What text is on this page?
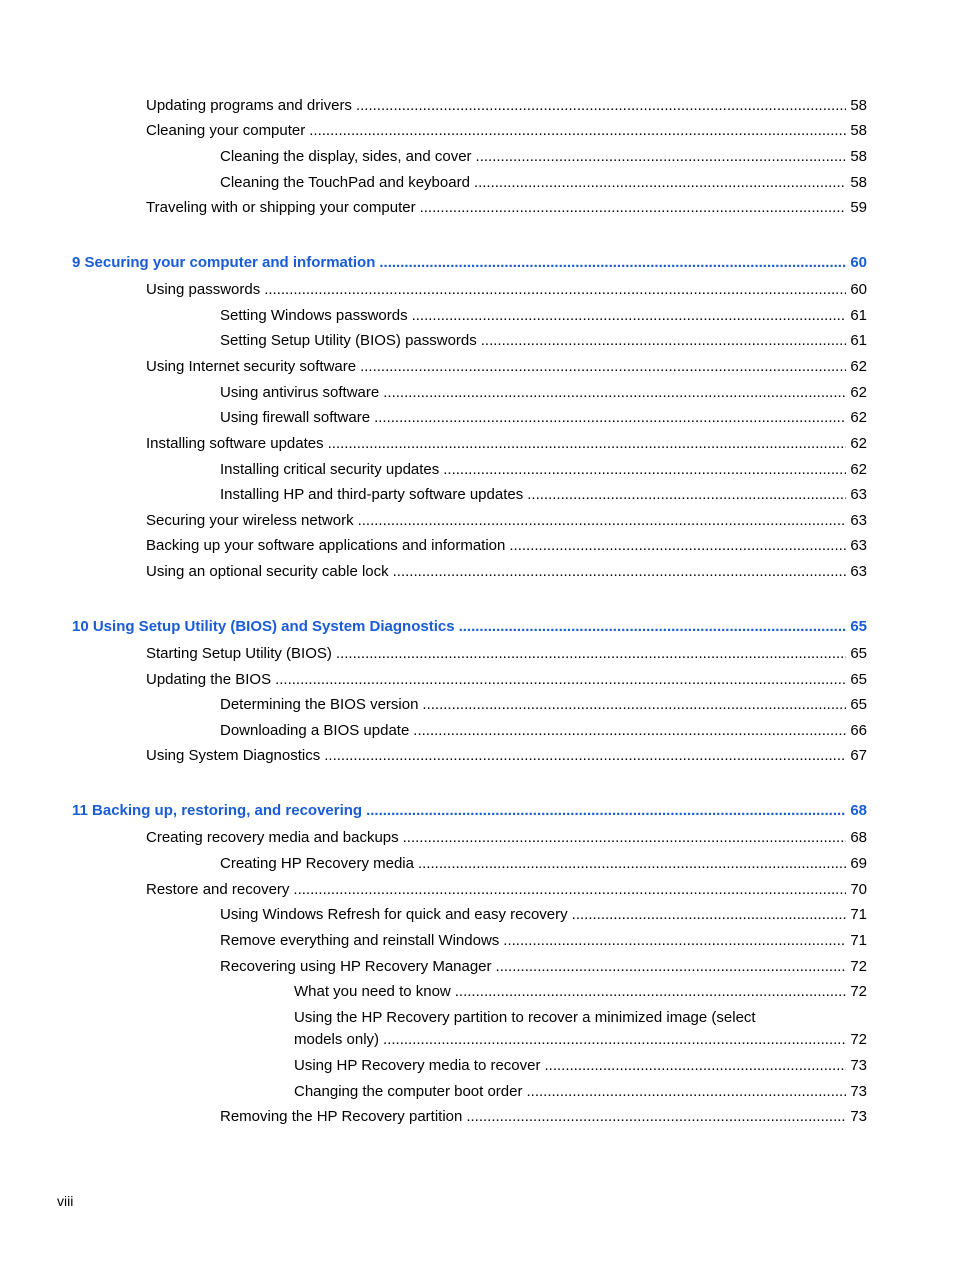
Updating programs and drivers .....	58
Cleaning your computer .....	58
Cleaning the display, sides, and cover .....	58
Cleaning the TouchPad and keyboard .....	58
Traveling with or shipping your computer .....	59
9 Securing your computer and information .....	60
Using passwords .....	60
Setting Windows passwords .....	61
Setting Setup Utility (BIOS) passwords .....	61
Using Internet security software .....	62
Using antivirus software .....	62
Using firewall software .....	62
Installing software updates .....	62
Installing critical security updates .....	62
Installing HP and third-party software updates .....	63
Securing your wireless network .....	63
Backing up your software applications and information .....	63
Using an optional security cable lock .....	63
10 Using Setup Utility (BIOS) and System Diagnostics .....	65
Starting Setup Utility (BIOS) .....	65
Updating the BIOS .....	65
Determining the BIOS version .....	65
Downloading a BIOS update .....	66
Using System Diagnostics .....	67
11 Backing up, restoring, and recovering .....	68
Creating recovery media and backups .....	68
Creating HP Recovery media .....	69
Restore and recovery .....	70
Using Windows Refresh for quick and easy recovery .....	71
Remove everything and reinstall Windows .....	71
Recovering using HP Recovery Manager .....	72
What you need to know .....	72
Using the HP Recovery partition to recover a minimized image (select
models only) .....	72
Using HP Recovery media to recover .....	73
Changing the computer boot order .....	73
Removing the HP Recovery partition .....	73
viii
